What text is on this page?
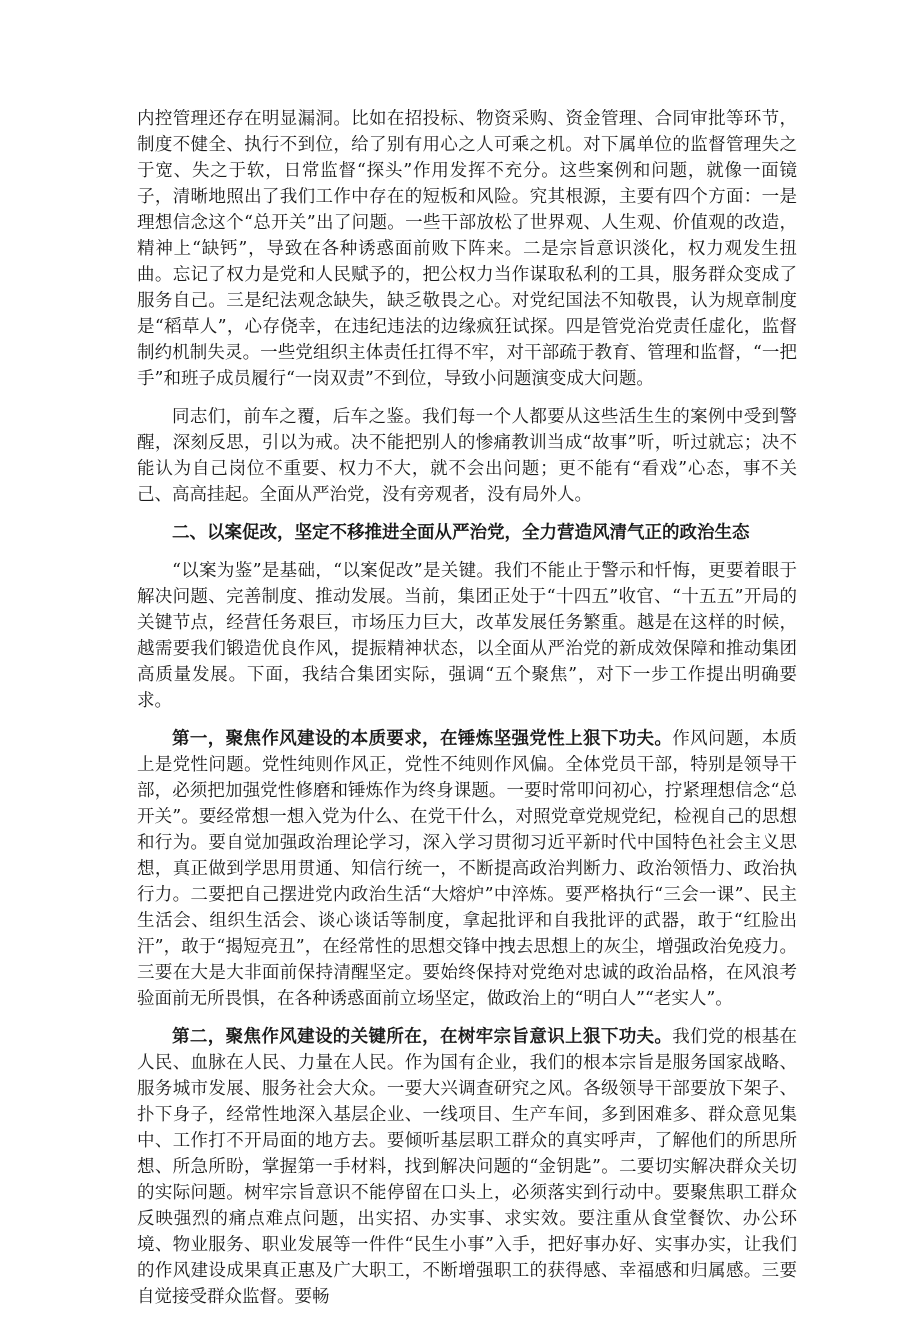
内控管理还存在明显漏洞。比如在招投标、物资采购、资金管理、合同审批等环节，制度不健全、执行不到位，给了别有用心之人可乘之机。对下属单位的监督管理失之于宽、失之于软，日常监督“探头”作用发挥不充分。这些案例和问题，就像一面镜子，清晰地照出了我们工作中存在的短板和风险。究其根源，主要有四个方面：一是理想信念这个“总开关”出了问题。一些干部放松了世界观、人生观、价值观的改造，精神上“缺钙”，导致在各种诱惑面前败下阵来。二是宗旨意识淡化，权力观发生扭曲。忘记了权力是党和人民赋予的，把公权力当作谋取私利的工具，服务群众变成了服务自己。三是纪法观念缺失，缺乏敬畏之心。对党纪国法不知敬畏，认为规章制度是“稻草人”，心存侥幸，在违纪违法的边缘疯狂试探。四是管党治党责任虚化，监督制约机制失灵。一些党组织主体责任扛得不牢，对干部疏于教育、管理和监督，“一把手”和班子成员履行“一岗双责”不到位，导致小问题演变成大问题。

同志们，前车之覆，后车之鉴。我们每一个人都要从这些活生生的案例中受到警醒，深刻反思，引以为戒。决不能把别人的惨痛教训当成“故事”听，听过就忘；决不能认为自己岗位不重要、权力不大，就不会出问题；更不能有“看戏”心态，事不关己、高高挂起。全面从严治党，没有旁观者，没有局外人。

二、以案促改，坚定不移推进全面从严治党，全力营造风清气正的政治生态

“以案为鉴”是基础，“以案促改”是关键。我们不能止于警示和忏悔，更要着眼于解决问题、完善制度、推动发展。当前，集团正处于“十四五”收官、“十五五”开局的关键节点，经营任务艰巨，市场压力巨大，改革发展任务繁重。越是在这样的时候，越需要我们锻造优良作风，提振精神状态，以全面从严治党的新成效保障和推动集团高质量发展。下面，我结合集团实际，强调“五个聚焦”，对下一步工作提出明确要求。

第一，聚焦作风建设的本质要求，在锤炼坚强党性上狠下功夫。作风问题，本质上是党性问题。党性纯则作风正，党性不纯则作风偏。全体党员干部，特别是领导干部，必须把加强党性修磨和锤炼作为终身课题。一要时常叩问初心，拧紧理想信念“总开关”。要经常想一想入党为什么、在党干什么，对照党章党规党纪，检视自己的思想和行为。要自觉加强政治理论学习，深入学习贯彻习近平新时代中国特色社会主义思想，真正做到学思用贯通、知信行统一，不断提高政治判断力、政治领悟力、政治执行力。二要把自己摆进党内政治生活“大熔炉”中淬炼。要严格执行“三会一课”、民主生活会、组织生活会、谈心谈话等制度，拿起批评和自我批评的武器，敢于“红脸出汗”，敢于“揭短亮丑”，在经常性的思想交锋中拽去思想上的灰尘，增强政治免疫力。三要在大是大非面前保持清醒坚定。要始终保持对党绝对忠诚的政治品格，在风浪考验面前无所畏惧，在各种诱惑面前立场坚定，做政治上的“明白人”“老实人”。

第二，聚焦作风建设的关键所在，在树牢宗旨意识上狠下功夫。我们党的根基在人民、血脉在人民、力量在人民。作为国有企业，我们的根本宗旨是服务国家战略、服务城市发展、服务社会大众。一要大兴调查研究之风。各级领导干部要放下架子、扑下身子，经常性地深入基层企业、一线项目、生产车间，多到困难多、群众意见集中、工作打不开局面的地方去。要倾听基层职工群众的真实呼声，了解他们的所思所想、所急所盼，掌握第一手材料，找到解决问题的“金钥匙”。二要切实解决群众关切的实际问题。树牢宗旨意识不能停留在口头上，必须落实到行动中。要聚焦职工群众反映强烈的痛点难点问题，出实招、办实事、求实效。要注重从食堂餐饮、办公环境、物业服务、职业发展等一件件“民生小事”入手，把好事办好、实事办实，让我们的作风建设成果真正惠及广大职工，不断增强职工的获得感、幸福感和归属感。三要自觉接受群众监督。要畅
